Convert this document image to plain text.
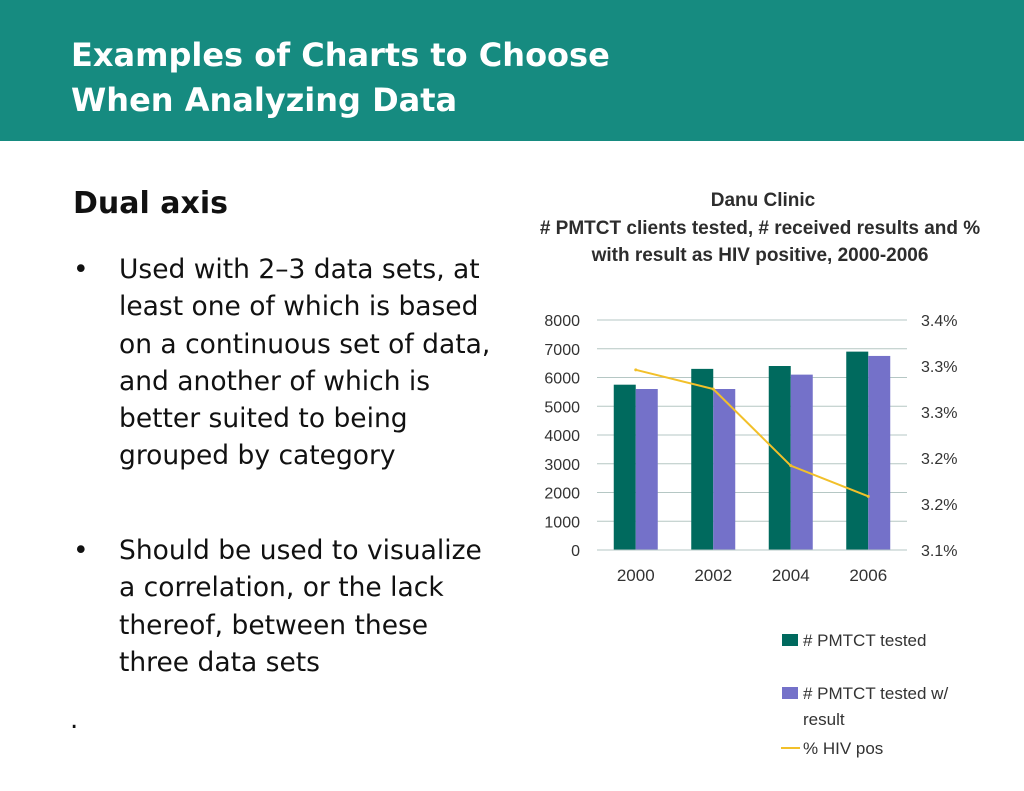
Examples of Charts to Choose
When Analyzing Data
Dual axis
• Used with 2–3 data sets, at least one of which is based on a continuous set of data, and another of which is better suited to being grouped by category
• Should be used to visualize a correlation, or the lack thereof, between these three data sets
.
Danu Clinic
# PMTCT clients tested, # received results and %
with result as HIV positive, 2000-2006
8000
7000
6000
5000
4000
3000
2000
1000
0
3.4%
3.3%
3.3%
3.2%
3.2%
3.1%
2000 2002 2004 2006
# PMTCT tested
# PMTCT tested w/
result
% HIV pos
